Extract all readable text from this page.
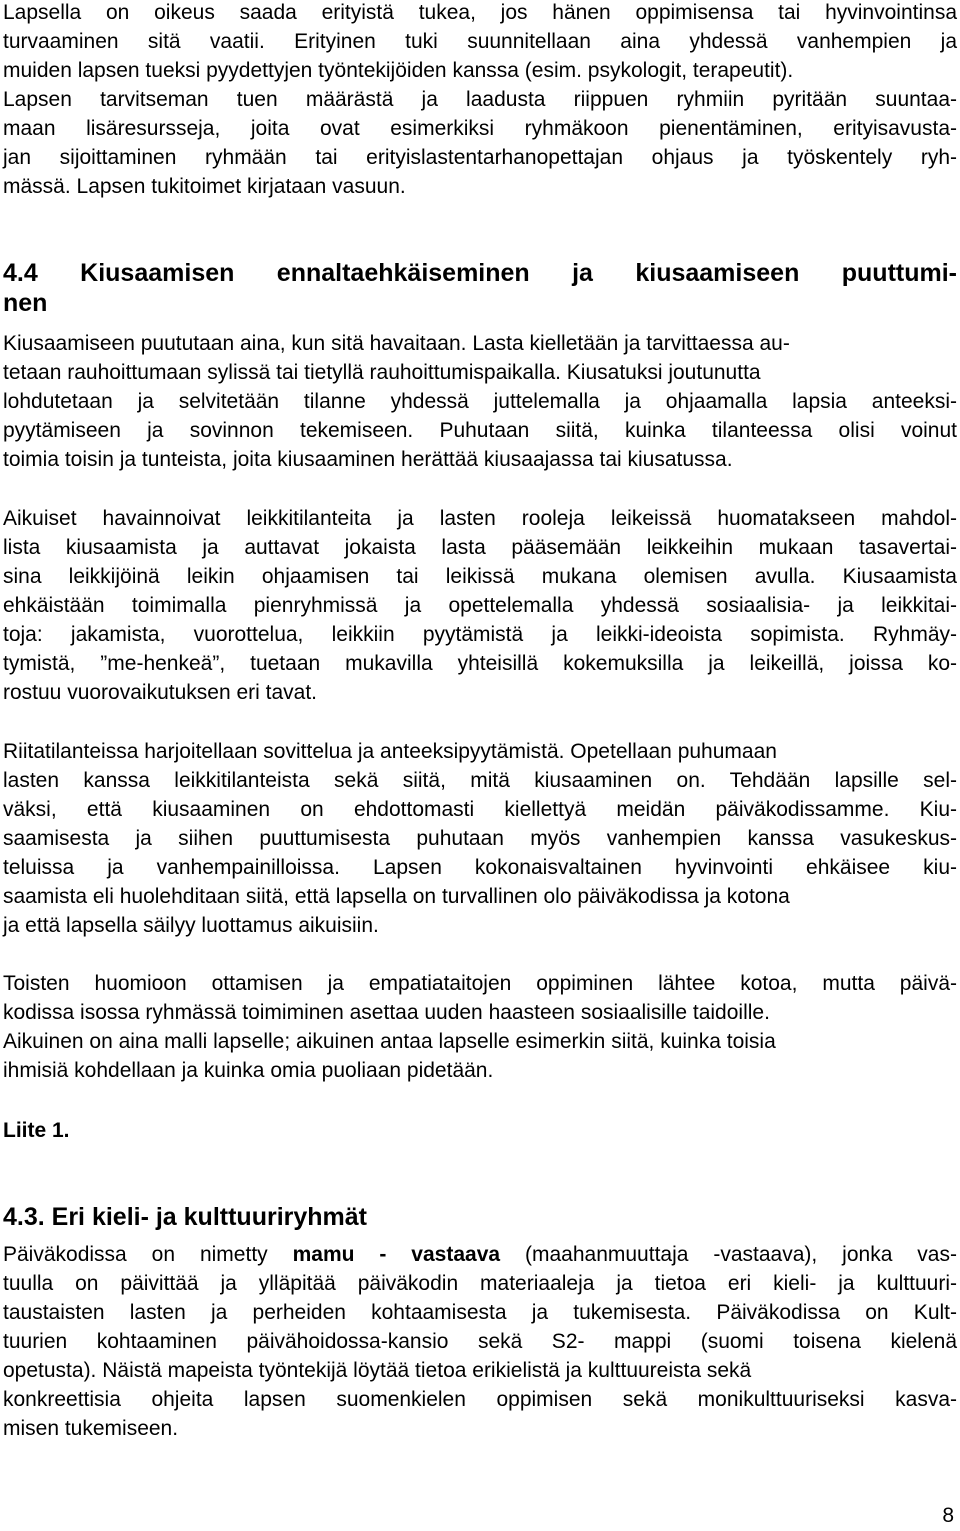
Lapsella on oikeus saada erityistä tukea, jos hänen oppimisensa tai hyvinvointinsa
turvaaminen sitä vaatii. Erityinen tuki suunnitellaan aina yhdessä vanhempien ja
muiden lapsen tueksi pyydettyjen työntekijöiden kanssa (esim. psykologit, terapeutit).
Lapsen tarvitseman tuen määrästä ja laadusta riippuen ryhmiin pyritään suuntaa-
maan lisäresursseja, joita ovat esimerkiksi ryhmäkoon pienentäminen, erityisavusta-
jan sijoittaminen ryhmään tai erityislastentarhanopettajan ohjaus ja työskentely ryh-
mässä. Lapsen tukitoimet kirjataan vasuun.
4.4 Kiusaamisen ennaltaehkäiseminen ja kiusaamiseen puuttumi-
nen
Kiusaamiseen puututaan aina, kun sitä havaitaan. Lasta kielletään ja tarvittaessa au-
tetaan rauhoittumaan sylissä tai tietyllä rauhoittumispaikalla. Kiusatuksi joutunutta
lohdutetaan ja selvitetään tilanne yhdessä juttelemalla ja ohjaamalla lapsia anteeksi-
pyytämiseen ja sovinnon tekemiseen. Puhutaan siitä, kuinka tilanteessa olisi voinut
toimia toisin ja tunteista, joita kiusaaminen herättää kiusaajassa tai kiusatussa.
Aikuiset havainnoivat leikkitilanteita ja lasten rooleja leikeissä huomatakseen mahdol-
lista kiusaamista ja auttavat jokaista lasta pääsemään leikkeihin mukaan tasavertai-
sina leikkijöinä leikin ohjaamisen tai leikissä mukana olemisen avulla. Kiusaamista
ehkäistään toimimalla pienryhmissä ja opettelemalla yhdessä sosiaalisia- ja leikkitai-
toja: jakamista, vuorottelua, leikkiin pyytämistä ja leikki-ideoista sopimista. Ryhmäy-
tymistä, ”me-henkeä”, tuetaan mukavilla yhteisillä kokemuksilla ja leikeillä, joissa ko-
rostuu vuorovaikutuksen eri tavat.
Riitatilanteissa harjoitellaan sovittelua ja anteeksipyytämistä. Opetellaan puhumaan
lasten kanssa leikkitilanteista sekä siitä, mitä kiusaaminen on. Tehdään lapsille sel-
väksi, että kiusaaminen on ehdottomasti kiellettyä meidän päiväkodissamme. Kiu-
saamisesta ja siihen puuttumisesta puhutaan myös vanhempien kanssa vasukeskus-
teluissa ja vanhempainilloissa. Lapsen kokonaisvaltainen hyvinvointi ehkäisee kiu-
saamista eli huolehditaan siitä, että lapsella on turvallinen olo päiväkodissa ja kotona
ja että lapsella säilyy luottamus aikuisiin.
Toisten huomioon ottamisen ja empatiataitojen oppiminen lähtee kotoa, mutta päivä-
kodissa isossa ryhmässä toimiminen asettaa uuden haasteen sosiaalisille taidoille.
Aikuinen on aina malli lapselle; aikuinen antaa lapselle esimerkin siitä, kuinka toisia
ihmisiä kohdellaan ja kuinka omia puoliaan pidetään.
Liite 1.
4.3. Eri kieli- ja kulttuuriryhmät
Päiväkodissa on nimetty mamu - vastaava (maahanmuuttaja -vastaava), jonka vas-
tuulla on päivittää ja ylläpitää päiväkodin materiaaleja ja tietoa eri kieli- ja kulttuuri-
taustaisten lasten ja perheiden kohtaamisesta ja tukemisesta. Päiväkodissa on Kult-
tuurien kohtaaminen päivähoidossa-kansio sekä S2- mappi (suomi toisena kielenä
opetusta). Näistä mapeista työntekijä löytää tietoa erikielistä ja kulttuureista sekä
konkreettisia ohjeita lapsen suomenkielen oppimisen sekä monikulttuuriseksi kasva-
misen tukemiseen.
8
